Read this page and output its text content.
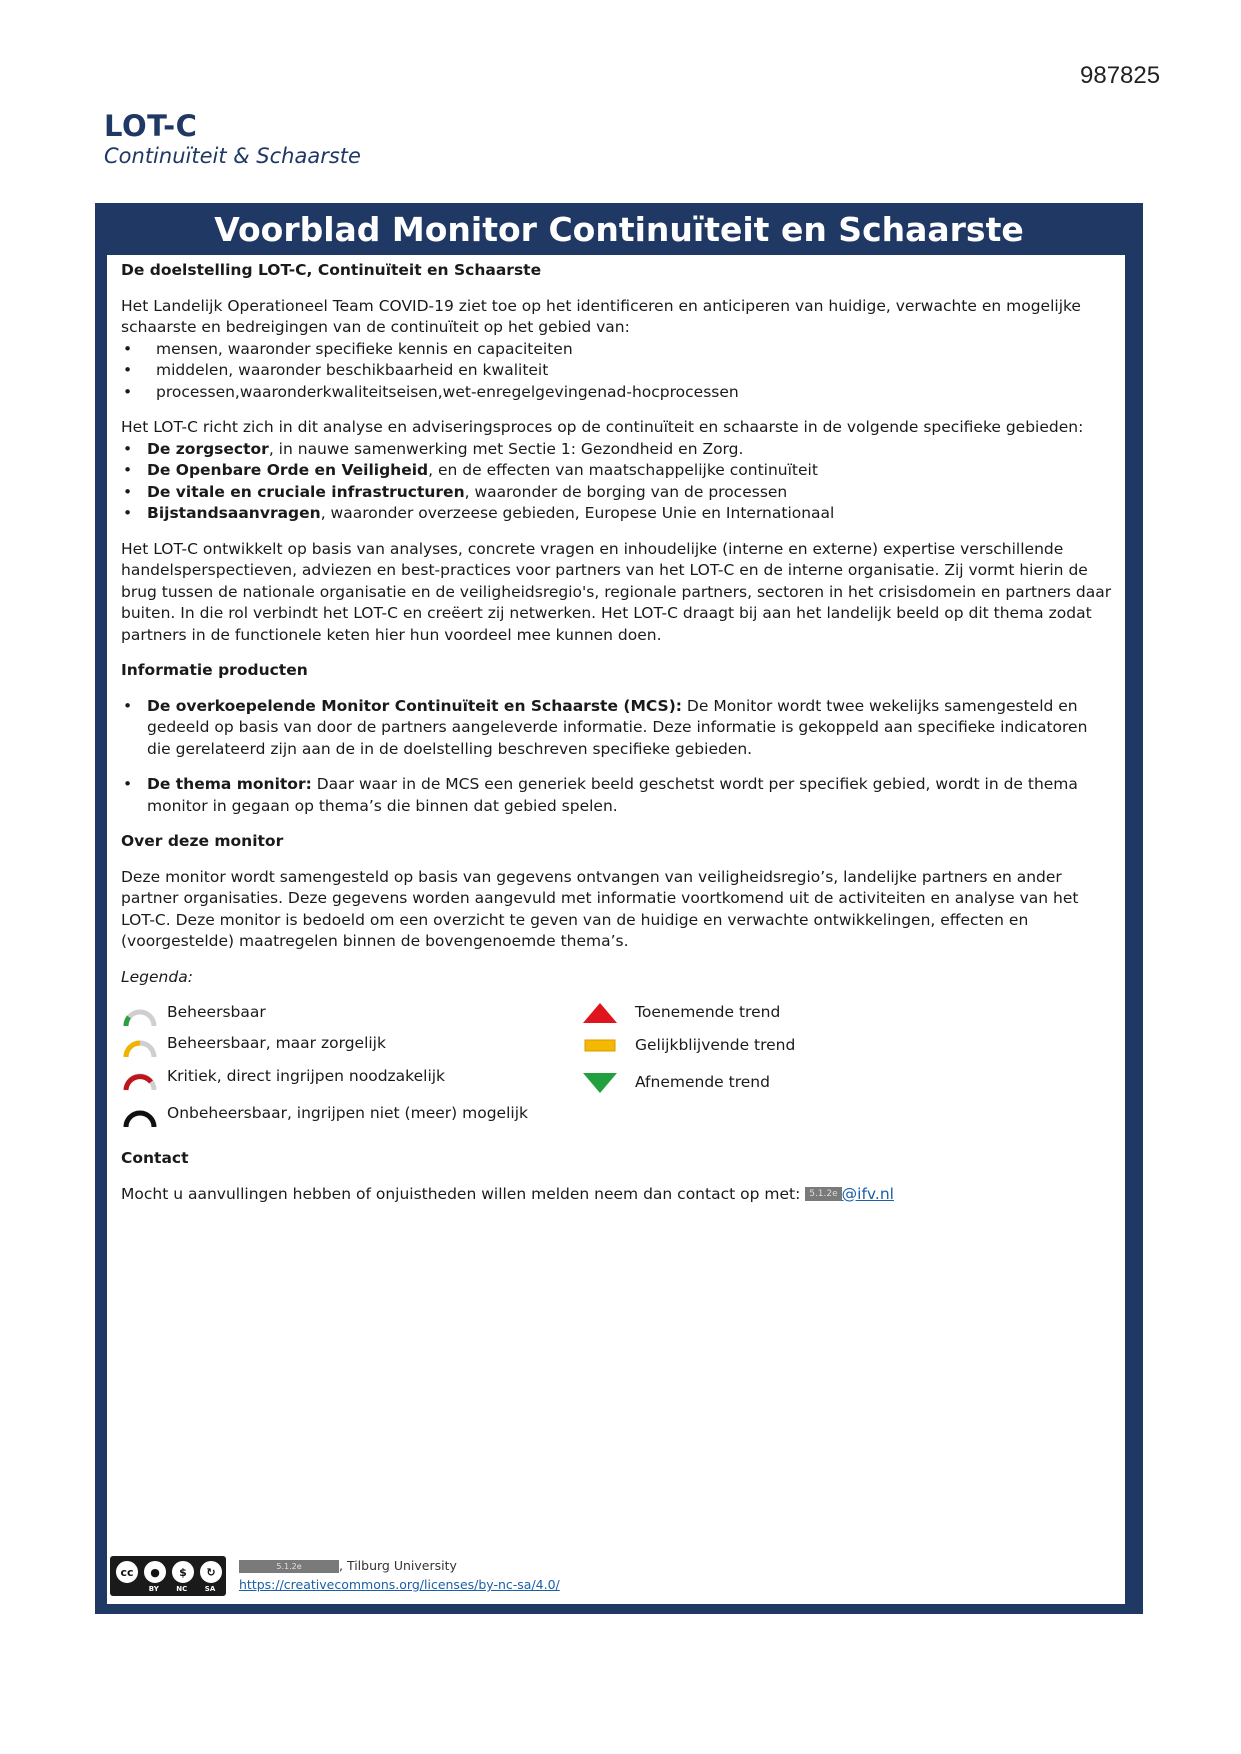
987825
LOT-C
Continuïteit & Schaarste
Voorblad Monitor Continuïteit en Schaarste

De doelstelling LOT-C, Continuïteit en Schaarste

Het Landelijk Operationeel Team COVID-19 ziet toe op het identificeren en anticiperen van huidige, verwachte en mogelijke schaarste en bedreigingen van de continuïteit op het gebied van:

• mensen, waaronder specifieke kennis en capaciteiten
• middelen, waaronder beschikbaarheid en kwaliteit
• processen,waaronderkwaliteitseisen,wet-enregelgevingenad-hocprocessen

Het LOT-C richt zich in dit analyse en adviseringsproces op de continuïteit en schaarste in de volgende specifieke gebieden:

• De zorgsector, in nauwe samenwerking met Sectie 1: Gezondheid en Zorg.
• De Openbare Orde en Veiligheid, en de effecten van maatschappelijke continuïteit
• De vitale en cruciale infrastructuren, waaronder de borging van de processen
• Bijstandsaanvragen, waaronder overzeese gebieden, Europese Unie en Internationaal

Het LOT-C ontwikkelt op basis van analyses, concrete vragen en inhoudelijke (interne en externe) expertise verschillende handelsperspectieven, adviezen en best-practices voor partners van het LOT-C en de interne organisatie. Zij vormt hierin de brug tussen de nationale organisatie en de veiligheidsregio's, regionale partners, sectoren in het crisisdomein en partners daar buiten. In die rol verbindt het LOT-C en creëert zij netwerken. Het LOT-C draagt bij aan het landelijk beeld op dit thema zodat partners in de functionele keten hier hun voordeel mee kunnen doen.

Informatie producten

• De overkoepelende Monitor Continuïteit en Schaarste (MCS): De Monitor wordt twee wekelijks samengesteld en gedeeld op basis van door de partners aangeleverde informatie. Deze informatie is gekoppeld aan specifieke indicatoren die gerelateerd zijn aan de in de doelstelling beschreven specifieke gebieden.
• De thema monitor: Daar waar in de MCS een generiek beeld geschetst wordt per specifiek gebied, wordt in de thema monitor in gegaan op thema’s die binnen dat gebied spelen.

Over deze monitor

Deze monitor wordt samengesteld op basis van gegevens ontvangen van veiligheidsregio’s, landelijke partners en ander partner organisaties. Deze gegevens worden aangevuld met informatie voortkomend uit de activiteiten en analyse van het LOT-C. Deze monitor is bedoeld om een overzicht te geven van de huidige en verwachte ontwikkelingen, effecten en (voorgestelde) maatregelen binnen de bovengenoemde thema’s.

Legenda:

Beheersbaar
Beheersbaar, maar zorgelijk
Kritiek, direct ingrijpen noodzakelijk
Onbeheersbaar, ingrijpen niet (meer) mogelijk
Toenemende trend
Gelijkblijvende trend
Afnemende trend

Contact

Mocht u aanvullingen hebben of onjuistheden willen melden neem dan contact op met: 5.1.2e @ifv.nl

cc	●	$	↻
BY	NC	SA
5.1.2e	, Tilburg University
https://creativecommons.org/licenses/by-nc-sa/4.0/
